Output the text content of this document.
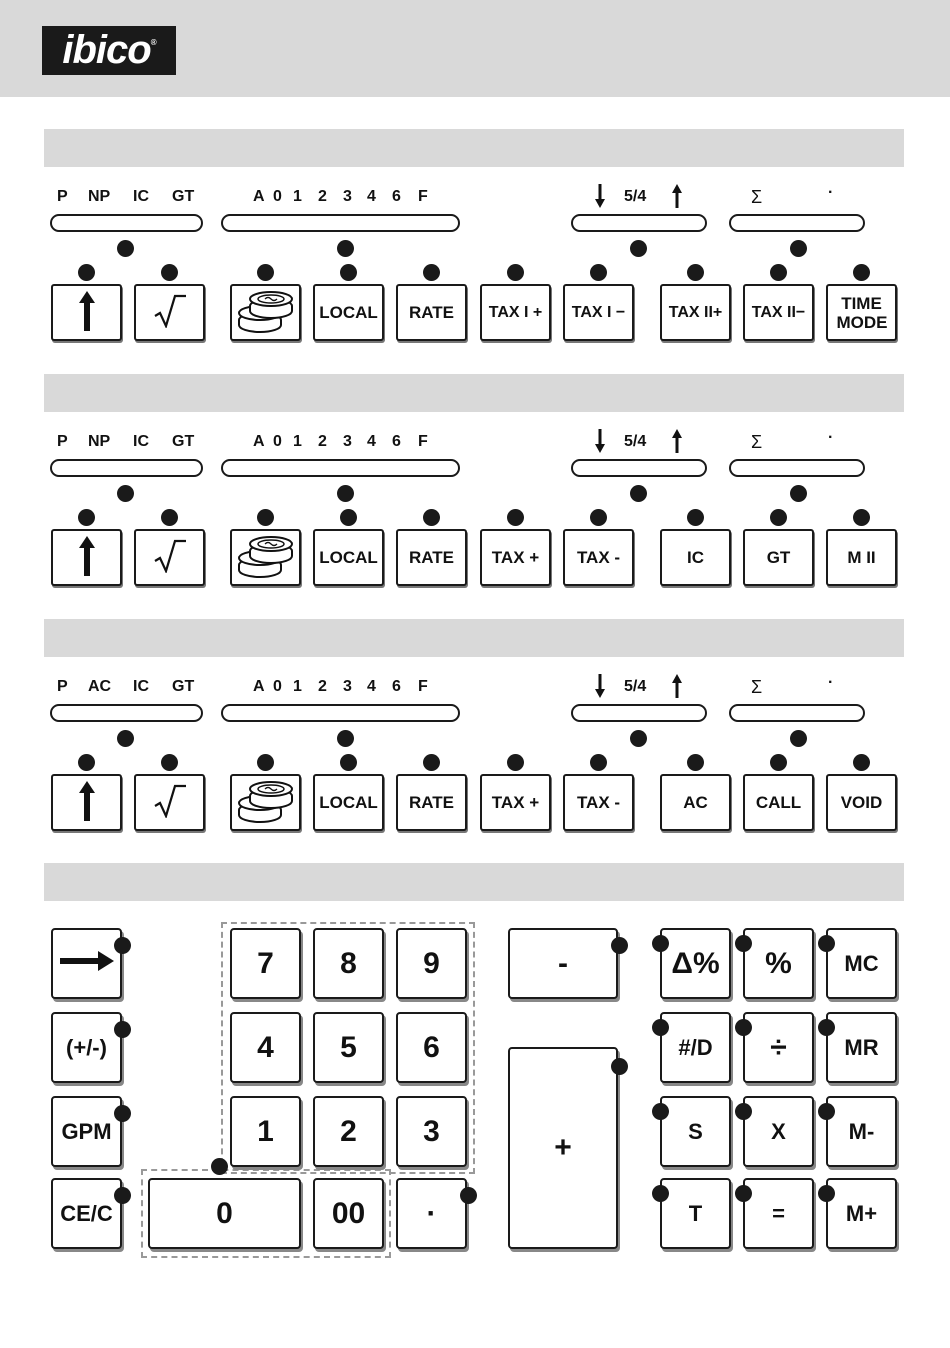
ibico®
P NP IC GT	A 0 1 2 3 4 6 F	5/4	Σ	·
LOCAL RATE TAX I + TAX I −	TAX II+ TAX II− TIME MODE
P NP IC GT	A 0 1 2 3 4 6 F	5/4	Σ	·
LOCAL RATE TAX + TAX -	IC	GT	M II
P AC IC GT	A 0 1 2 3 4 6 F	5/4	Σ	·
LOCAL RATE TAX + TAX -	AC	CALL VOID
(+/-)
GPM
CE/C
7 8 9
4 5 6
1 2 3
0	00 ·
-
+
Δ% % MC
#/D ÷	MR
S	X	M-
T	=	M+
